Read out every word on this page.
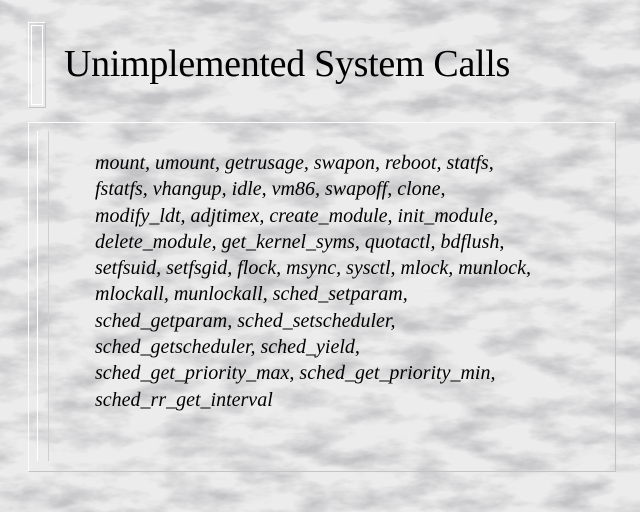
Unimplemented System Calls

mount, umount, getrusage, swapon, reboot, statfs,
fstatfs, vhangup, idle, vm86, swapoff, clone,
modify_ldt, adjtimex, create_module, init_module,
delete_module, get_kernel_syms, quotactl, bdflush,
setfsuid, setfsgid, flock, msync, sysctl, mlock, munlock,
mlockall, munlockall, sched_setparam,
sched_getparam, sched_setscheduler,
sched_getscheduler, sched_yield,
sched_get_priority_max, sched_get_priority_min,
sched_rr_get_interval
